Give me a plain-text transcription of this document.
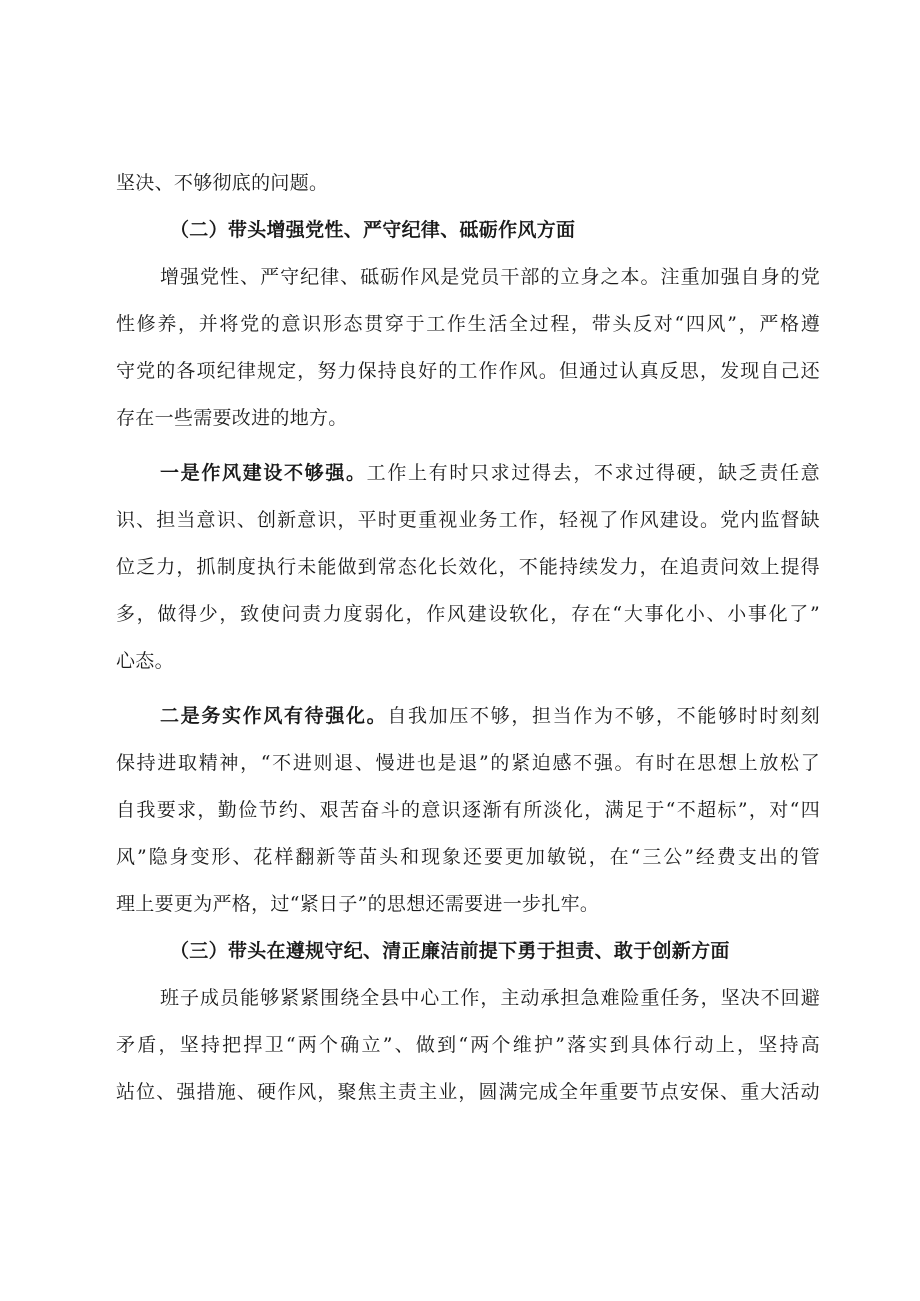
坚决、不够彻底的问题。
（二）带头增强党性、严守纪律、砥砺作风方面
增强党性、严守纪律、砥砺作风是党员干部的立身之本。注重加强自身的党
性修养，并将党的意识形态贯穿于工作生活全过程，带头反对“四风”，严格遵
守党的各项纪律规定，努力保持良好的工作作风。但通过认真反思，发现自己还
存在一些需要改进的地方。
一是作风建设不够强。工作上有时只求过得去，不求过得硬，缺乏责任意
识、担当意识、创新意识，平时更重视业务工作，轻视了作风建设。党内监督缺
位乏力，抓制度执行未能做到常态化长效化，不能持续发力，在追责问效上提得
多，做得少，致使问责力度弱化，作风建设软化，存在“大事化小、小事化了”
心态。
二是务实作风有待强化。自我加压不够，担当作为不够，不能够时时刻刻
保持进取精神，“不进则退、慢进也是退”的紧迫感不强。有时在思想上放松了
自我要求，勤俭节约、艰苦奋斗的意识逐渐有所淡化，满足于“不超标”，对“四
风”隐身变形、花样翻新等苗头和现象还要更加敏锐，在“三公”经费支出的管
理上要更为严格，过“紧日子”的思想还需要进一步扎牢。
（三）带头在遵规守纪、清正廉洁前提下勇于担责、敢于创新方面
班子成员能够紧紧围绕全县中心工作，主动承担急难险重任务，坚决不回避
矛盾，坚持把捍卫“两个确立”、做到“两个维护”落实到具体行动上，坚持高
站位、强措施、硬作风，聚焦主责主业，圆满完成全年重要节点安保、重大活动
